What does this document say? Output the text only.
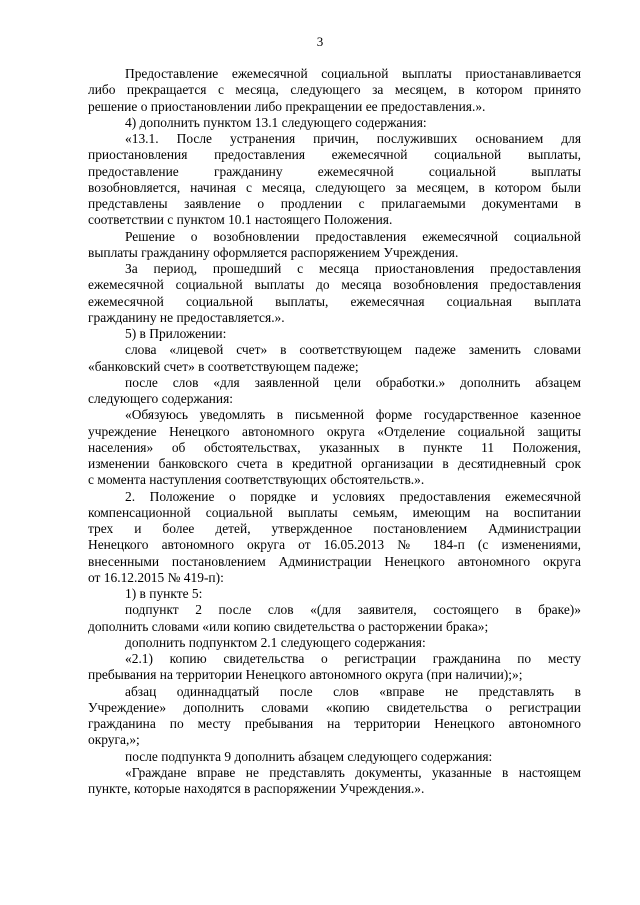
3
Предоставление ежемесячной социальной выплаты приостанавливается
либо прекращается с месяца, следующего за месяцем, в котором принято
решение о приостановлении либо прекращении ее предоставления.».
4) дополнить пунктом 13.1 следующего содержания:
«13.1. После устранения причин, послуживших основанием для
приостановления предоставления ежемесячной социальной выплаты,
предоставление гражданину ежемесячной социальной выплаты
возобновляется, начиная с месяца, следующего за месяцем, в котором были
представлены заявление о продлении с прилагаемыми документами в
соответствии с пунктом 10.1 настоящего Положения.
Решение о возобновлении предоставления ежемесячной социальной
выплаты гражданину оформляется распоряжением Учреждения.
За период, прошедший с месяца приостановления предоставления
ежемесячной социальной выплаты до месяца возобновления предоставления
ежемесячной социальной выплаты, ежемесячная социальная выплата
гражданину не предоставляется.».
5) в Приложении:
слова «лицевой счет» в соответствующем падеже заменить словами
«банковский счет» в соответствующем падеже;
после слов «для заявленной цели обработки.» дополнить абзацем
следующего содержания:
«Обязуюсь уведомлять в письменной форме государственное казенное
учреждение Ненецкого автономного округа «Отделение социальной защиты
населения» об обстоятельствах, указанных в пункте 11 Положения,
изменении банковского счета в кредитной организации в десятидневный срок
с момента наступления соответствующих обстоятельств.».
2. Положение о порядке и условиях предоставления ежемесячной
компенсационной социальной выплаты семьям, имеющим на воспитании
трех и более детей, утвержденное постановлением Администрации
Ненецкого автономного округа от 16.05.2013 № 184-п (с изменениями,
внесенными постановлением Администрации Ненецкого автономного округа
от 16.12.2015 № 419-п):
1) в пункте 5:
подпункт 2 после слов «(для заявителя, состоящего в браке)»
дополнить словами «или копию свидетельства о расторжении брака»;
дополнить подпунктом 2.1 следующего содержания:
«2.1) копию свидетельства о регистрации гражданина по месту
пребывания на территории Ненецкого автономного округа (при наличии);»;
абзац одиннадцатый после слов «вправе не представлять в
Учреждение» дополнить словами «копию свидетельства о регистрации
гражданина по месту пребывания на территории Ненецкого автономного
округа,»;
после подпункта 9 дополнить абзацем следующего содержания:
«Граждане вправе не представлять документы, указанные в настоящем
пункте, которые находятся в распоряжении Учреждения.».
